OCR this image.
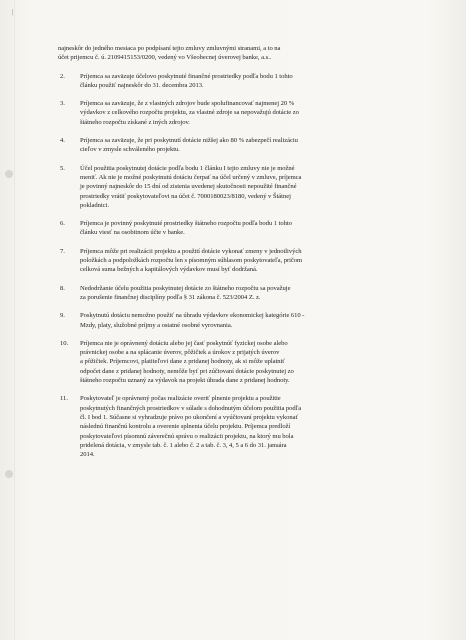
|
najneskôr do jedného mesiaca po podpísaní tejto zmluvy zmluvnými stranami, a to na
účet prijemcu č. ú. 2109415153/0200, vedený vo Všeobecnej úverovej banke, a.s..
2.	Príjemca sa zaväzuje účelovo poskytnuté finančné prostriedky podľa bodu 1 tohto
článku použiť najneskôr do 31. decembra 2013.
3.	Príjemca sa zaväzuje, že z vlastných zdrojov bude spolufinancovať najmenej 20 %
výdavkov z celkového rozpočtu projektu, za vlastné zdroje sa nepovažujú dotácie zo
štátneho rozpočtu získané z iných zdrojov.
4.	Príjemca sa zaväzuje, že pri poskytnutí dotácie nižšej ako 80 % zabezpečí realizáciu
cieľov v zmysle schváleného projektu.
5.	Účel použitia poskytnutej dotácie podľa bodu 1 článku I tejto zmluvy nie je možné
meniť. Ak nie je možné poskytnutú dotáciu čerpať na účel určený v zmluve, príjemca
je povinný najneskôr do 15 dní od zistenia uvedenej skutočnosti nepoužité finančné
prostriedky vrátiť poskytovateľovi na účet č. 7000180023/8180, vedený v Štátnej
pokladnici.
6.	Príjemca je povinný poskytnuté prostriedky štátneho rozpočtu podľa bodu 1 tohto
článku viesť na osobitnom účte v banke.
7.	Príjemca môže pri realizácii projektu a použití dotácie vykonať zmeny v jednotlivých
položkách a podpoložkách rozpočtu len s písomným súhlasom poskytovateľa, pričom
celková suma bežných a kapitálových výdavkov musí byť dodržaná.
8.	Nedodržanie účelu použitia poskytnutej dotácie zo štátneho rozpočtu sa považuje
za porušenie finančnej disciplíny podľa § 31 zákona č. 523/2004 Z. z.
9.	Poskytnutú dotáciu nemožno použiť na úhradu výdavkov ekonomickej kategórie 610 -
Mzdy, platy, služobné príjmy a ostatné osobné vyrovnania.
10.	Príjemca nie je oprávnený dotáciu alebo jej časť poskytnúť fyzickej osobe alebo
právnickej osobe a na splácanie úverov, pôžičiek a úrokov z prijatých úverov
a pôžičiek. Príjemcovi, platiteľovi dane z pridanej hodnoty, ak si môže uplatniť
odpočet dane z pridanej hodnoty, nemôže byť pri zúčtovaní dotácie poskytnutej zo
štátneho rozpočtu uznaný za výdavok na projekt úhrada dane z pridanej hodnoty.
11.	Poskytovateľ je oprávnený počas realizácie overiť plnenie projektu a použitie
poskytnutých finančných prostriedkov v súlade s dohodnutým účelom použitia podľa
čl. I bod 1. Súčasne si vyhradzuje právo po ukončení a vyúčtovaní projektu vykonať
následnú finančnú kontrolu a overenie splnenia účelu projektu. Príjemca predloží
poskytovateľovi písomnú záverečnú správu o realizácii projektu, na ktorý mu bola
pridelená dotácia, v zmysle tab. č. 1 alebo č. 2 a tab. č. 3, 4, 5 a 6 do 31. januára
2014.
